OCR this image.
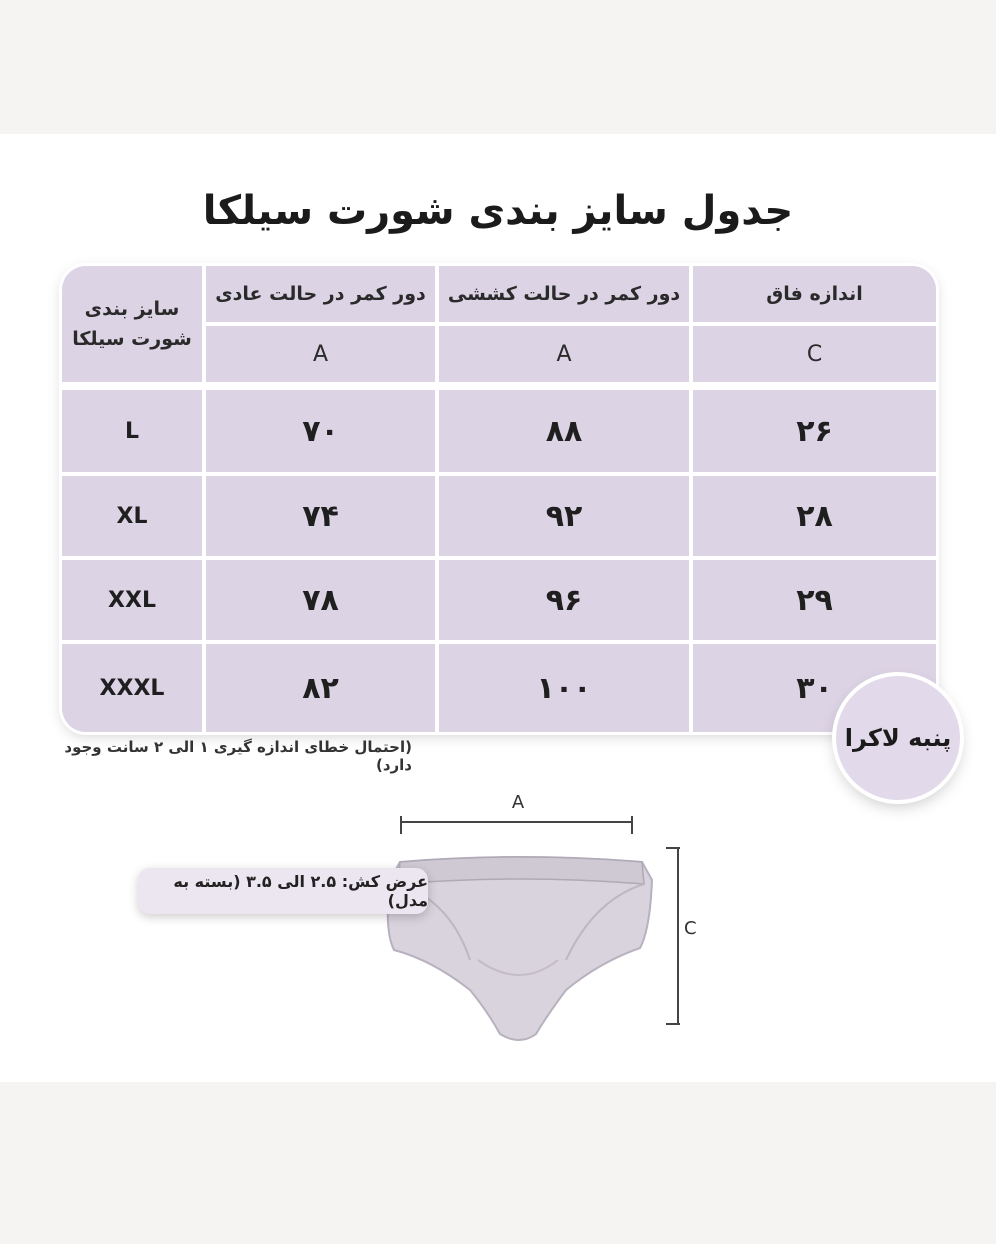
جدول سایز بندی شورت سیلکا
سایز بندی
شورت سیلکا
دور کمر در حالت عادی	دور کمر در حالت کششی	اندازه فاق
A	A	C
L	۷۰	۸۸	۲۶
XL	۷۴	۹۲	۲۸
XXL	۷۸	۹۶	۲۹
XXXL	۸۲	۱۰۰	۳۰
(احتمال خطای اندازه گیری ۱ الی ۲ سانت وجود دارد)
پنبه لاکرا
A
C
عرض کش: ۲.۵ الی ۳.۵ (بسته به مدل)
